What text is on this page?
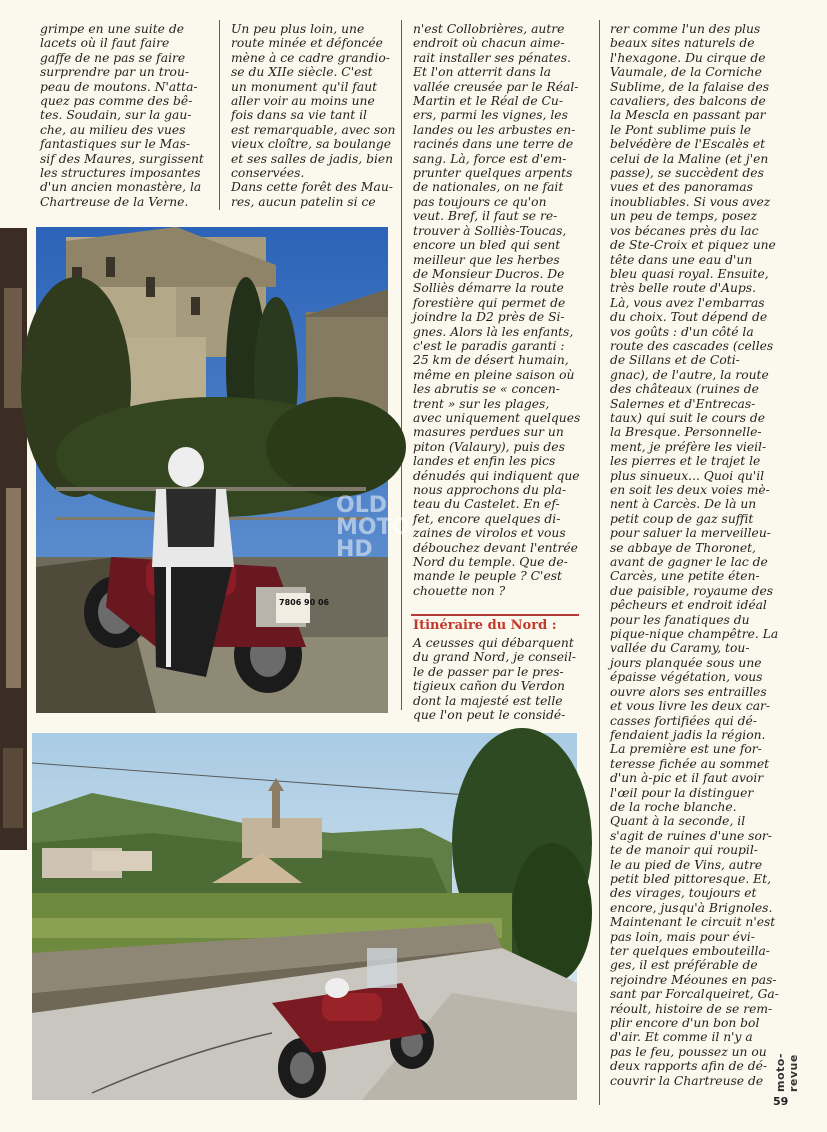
grimpe en une suite de

lacets où il faut faire

gaffe de ne pas se faire

surprendre par un trou-

peau de moutons. N'atta-

quez pas comme des bê-

tes. Soudain, sur la gau-

che, au milieu des vues

fantastiques sur le Mas-

sif des Maures, surgissent

les structures imposantes

d'un ancien monastère, la

Chartreuse de la Verne.

Un peu plus loin, une

route minée et défoncée

mène à ce cadre grandio-

se du XIIe siècle. C'est

un monument qu'il faut

aller voir au moins une

fois dans sa vie tant il

est remarquable, avec son

vieux cloître, sa boulange

et ses salles de jadis, bien

conservées.

Dans cette forêt des Mau-

res, aucun patelin si ce

n'est Collobrières, autre

endroit où chacun aime-

rait installer ses pénates.

Et l'on atterrit dans la

vallée creusée par le Réal-

Martin et le Réal de Cu-

ers, parmi les vignes, les

landes ou les arbustes en-

racinés dans une terre de

sang. Là, force est d'em-

prunter quelques arpents

de nationales, on ne fait

pas toujours ce qu'on

veut. Bref, il faut se re-

trouver à Solliès-Toucas,

encore un bled qui sent

meilleur que les herbes

de Monsieur Ducros. De

Solliès démarre la route

forestière qui permet de

joindre la D2 près de Si-

gnes. Alors là les enfants,

c'est le paradis garanti :

25 km de désert humain,

même en pleine saison où

les abrutis se « concen-

trent » sur les plages,

avec uniquement quelques

masures perdues sur un

piton (Valaury), puis des

landes et enfin les pics

dénudés qui indiquent que

nous approchons du pla-

teau du Castelet. En ef-

fet, encore quelques di-

zaines de virolos et vous

débouchez devant l'entrée

Nord du temple. Que de-

mande le peuple ? C'est

chouette non ?

Itinéraire du Nord :

A ceusses qui débarquent

du grand Nord, je conseil-

le de passer par le pres-

tigieux cañon du Verdon

dont la majesté est telle

que l'on peut le considé-

rer comme l'un des plus

beaux sites naturels de

l'hexagone. Du cirque de

Vaumale, de la Corniche

Sublime, de la falaise des

cavaliers, des balcons de

la Mescla en passant par

le Pont sublime puis le

belvédère de l'Escalès et

celui de la Maline (et j'en

passe), se succèdent des

vues et des panoramas

inoubliables. Si vous avez

un peu de temps, posez

vos bécanes près du lac

de Ste-Croix et piquez une

tête dans une eau d'un

bleu quasi royal. Ensuite,

très belle route d'Aups.

Là, vous avez l'embarras

du choix. Tout dépend de

vos goûts : d'un côté la

route des cascades (celles

de Sillans et de Coti-

gnac), de l'autre, la route

des châteaux (ruines de

Salernes et d'Entrecas-

taux) qui suit le cours de

la Bresque. Personnelle-

ment, je préfère les vieil-

les pierres et le trajet le

plus sinueux... Quoi qu'il

en soit les deux voies mè-

nent à Carcès. De là un

petit coup de gaz suffit

pour saluer la merveilleu-

se abbaye de Thoronet,

avant de gagner le lac de

Carcès, une petite éten-

due paisible, royaume des

pêcheurs et endroit idéal

pour les fanatiques du

pique-nique champêtre. La

vallée du Caramy, tou-

jours planquée sous une

épaisse végétation, vous

ouvre alors ses entrailles

et vous livre les deux car-

casses fortifiées qui dé-

fendaient jadis la région.

La première est une for-

teresse fichée au sommet

d'un à-pic et il faut avoir

l'œil pour la distinguer

de la roche blanche.

Quant à la seconde, il

s'agit de ruines d'une sor-

te de manoir qui roupil-

le au pied de Vins, autre

petit bled pittoresque. Et,

des virages, toujours et

encore, jusqu'à Brignoles.

Maintenant le circuit n'est

pas loin, mais pour évi-

ter quelques embouteilla-

ges, il est préférable de

rejoindre Méounes en pas-

sant par Forcalqueiret, Ga-

réoult, histoire de se rem-

plir encore d'un bon bol

d'air. Et comme il n'y a

pas le feu, poussez un ou

deux rapports afin de dé-

couvrir la Chartreuse de

7806 90 06
OLD
MOTO
HD
moto-revue
59
